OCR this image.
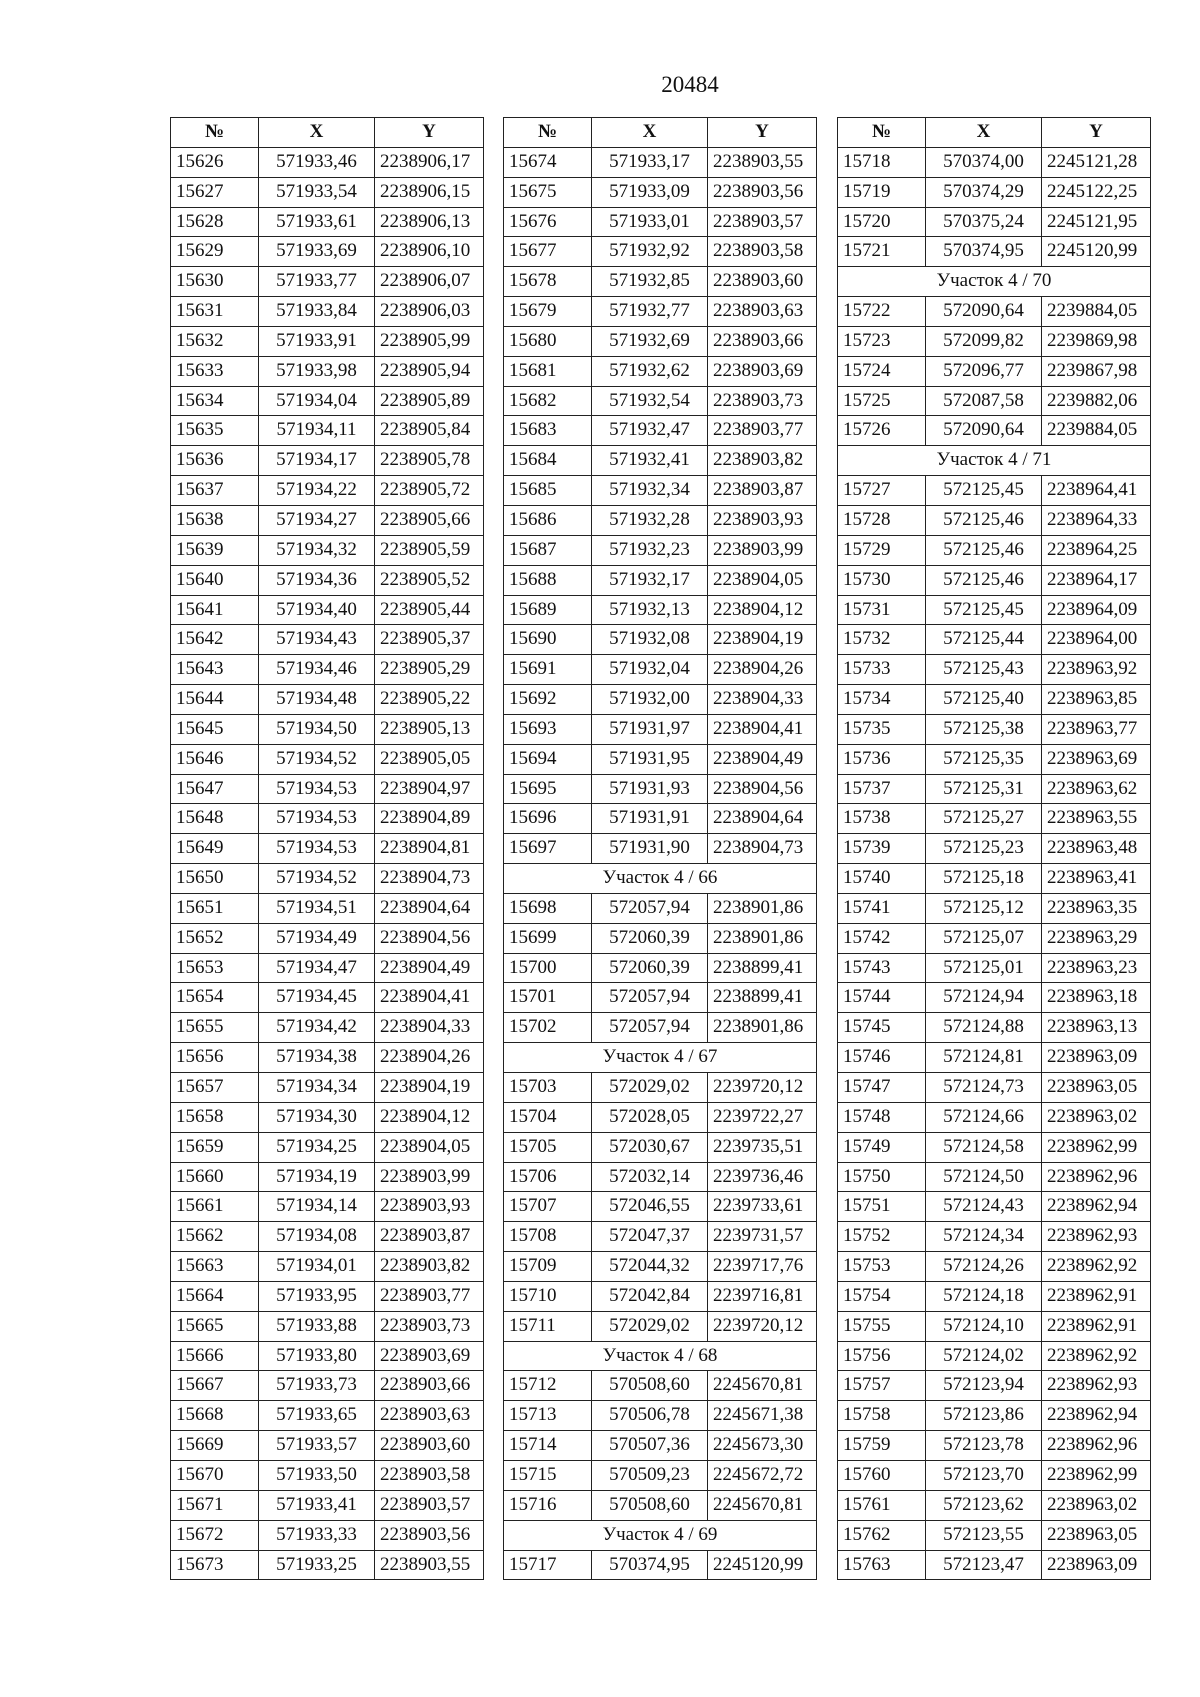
20484
№	X	Y
15626	571933,46	2238906,17
15627	571933,54	2238906,15
15628	571933,61	2238906,13
15629	571933,69	2238906,10
15630	571933,77	2238906,07
15631	571933,84	2238906,03
15632	571933,91	2238905,99
15633	571933,98	2238905,94
15634	571934,04	2238905,89
15635	571934,11	2238905,84
15636	571934,17	2238905,78
15637	571934,22	2238905,72
15638	571934,27	2238905,66
15639	571934,32	2238905,59
15640	571934,36	2238905,52
15641	571934,40	2238905,44
15642	571934,43	2238905,37
15643	571934,46	2238905,29
15644	571934,48	2238905,22
15645	571934,50	2238905,13
15646	571934,52	2238905,05
15647	571934,53	2238904,97
15648	571934,53	2238904,89
15649	571934,53	2238904,81
15650	571934,52	2238904,73
15651	571934,51	2238904,64
15652	571934,49	2238904,56
15653	571934,47	2238904,49
15654	571934,45	2238904,41
15655	571934,42	2238904,33
15656	571934,38	2238904,26
15657	571934,34	2238904,19
15658	571934,30	2238904,12
15659	571934,25	2238904,05
15660	571934,19	2238903,99
15661	571934,14	2238903,93
15662	571934,08	2238903,87
15663	571934,01	2238903,82
15664	571933,95	2238903,77
15665	571933,88	2238903,73
15666	571933,80	2238903,69
15667	571933,73	2238903,66
15668	571933,65	2238903,63
15669	571933,57	2238903,60
15670	571933,50	2238903,58
15671	571933,41	2238903,57
15672	571933,33	2238903,56
15673	571933,25	2238903,55
№	X	Y
15674	571933,17	2238903,55
15675	571933,09	2238903,56
15676	571933,01	2238903,57
15677	571932,92	2238903,58
15678	571932,85	2238903,60
15679	571932,77	2238903,63
15680	571932,69	2238903,66
15681	571932,62	2238903,69
15682	571932,54	2238903,73
15683	571932,47	2238903,77
15684	571932,41	2238903,82
15685	571932,34	2238903,87
15686	571932,28	2238903,93
15687	571932,23	2238903,99
15688	571932,17	2238904,05
15689	571932,13	2238904,12
15690	571932,08	2238904,19
15691	571932,04	2238904,26
15692	571932,00	2238904,33
15693	571931,97	2238904,41
15694	571931,95	2238904,49
15695	571931,93	2238904,56
15696	571931,91	2238904,64
15697	571931,90	2238904,73
Участок 4 / 66		
15698	572057,94	2238901,86
15699	572060,39	2238901,86
15700	572060,39	2238899,41
15701	572057,94	2238899,41
15702	572057,94	2238901,86
Участок 4 / 67		
15703	572029,02	2239720,12
15704	572028,05	2239722,27
15705	572030,67	2239735,51
15706	572032,14	2239736,46
15707	572046,55	2239733,61
15708	572047,37	2239731,57
15709	572044,32	2239717,76
15710	572042,84	2239716,81
15711	572029,02	2239720,12
Участок 4 / 68		
15712	570508,60	2245670,81
15713	570506,78	2245671,38
15714	570507,36	2245673,30
15715	570509,23	2245672,72
15716	570508,60	2245670,81
Участок 4 / 69		
15717	570374,95	2245120,99
№	X	Y
15718	570374,00	2245121,28
15719	570374,29	2245122,25
15720	570375,24	2245121,95
15721	570374,95	2245120,99
Участок 4 / 70		
15722	572090,64	2239884,05
15723	572099,82	2239869,98
15724	572096,77	2239867,98
15725	572087,58	2239882,06
15726	572090,64	2239884,05
Участок 4 / 71		
15727	572125,45	2238964,41
15728	572125,46	2238964,33
15729	572125,46	2238964,25
15730	572125,46	2238964,17
15731	572125,45	2238964,09
15732	572125,44	2238964,00
15733	572125,43	2238963,92
15734	572125,40	2238963,85
15735	572125,38	2238963,77
15736	572125,35	2238963,69
15737	572125,31	2238963,62
15738	572125,27	2238963,55
15739	572125,23	2238963,48
15740	572125,18	2238963,41
15741	572125,12	2238963,35
15742	572125,07	2238963,29
15743	572125,01	2238963,23
15744	572124,94	2238963,18
15745	572124,88	2238963,13
15746	572124,81	2238963,09
15747	572124,73	2238963,05
15748	572124,66	2238963,02
15749	572124,58	2238962,99
15750	572124,50	2238962,96
15751	572124,43	2238962,94
15752	572124,34	2238962,93
15753	572124,26	2238962,92
15754	572124,18	2238962,91
15755	572124,10	2238962,91
15756	572124,02	2238962,92
15757	572123,94	2238962,93
15758	572123,86	2238962,94
15759	572123,78	2238962,96
15760	572123,70	2238962,99
15761	572123,62	2238963,02
15762	572123,55	2238963,05
15763	572123,47	2238963,09
